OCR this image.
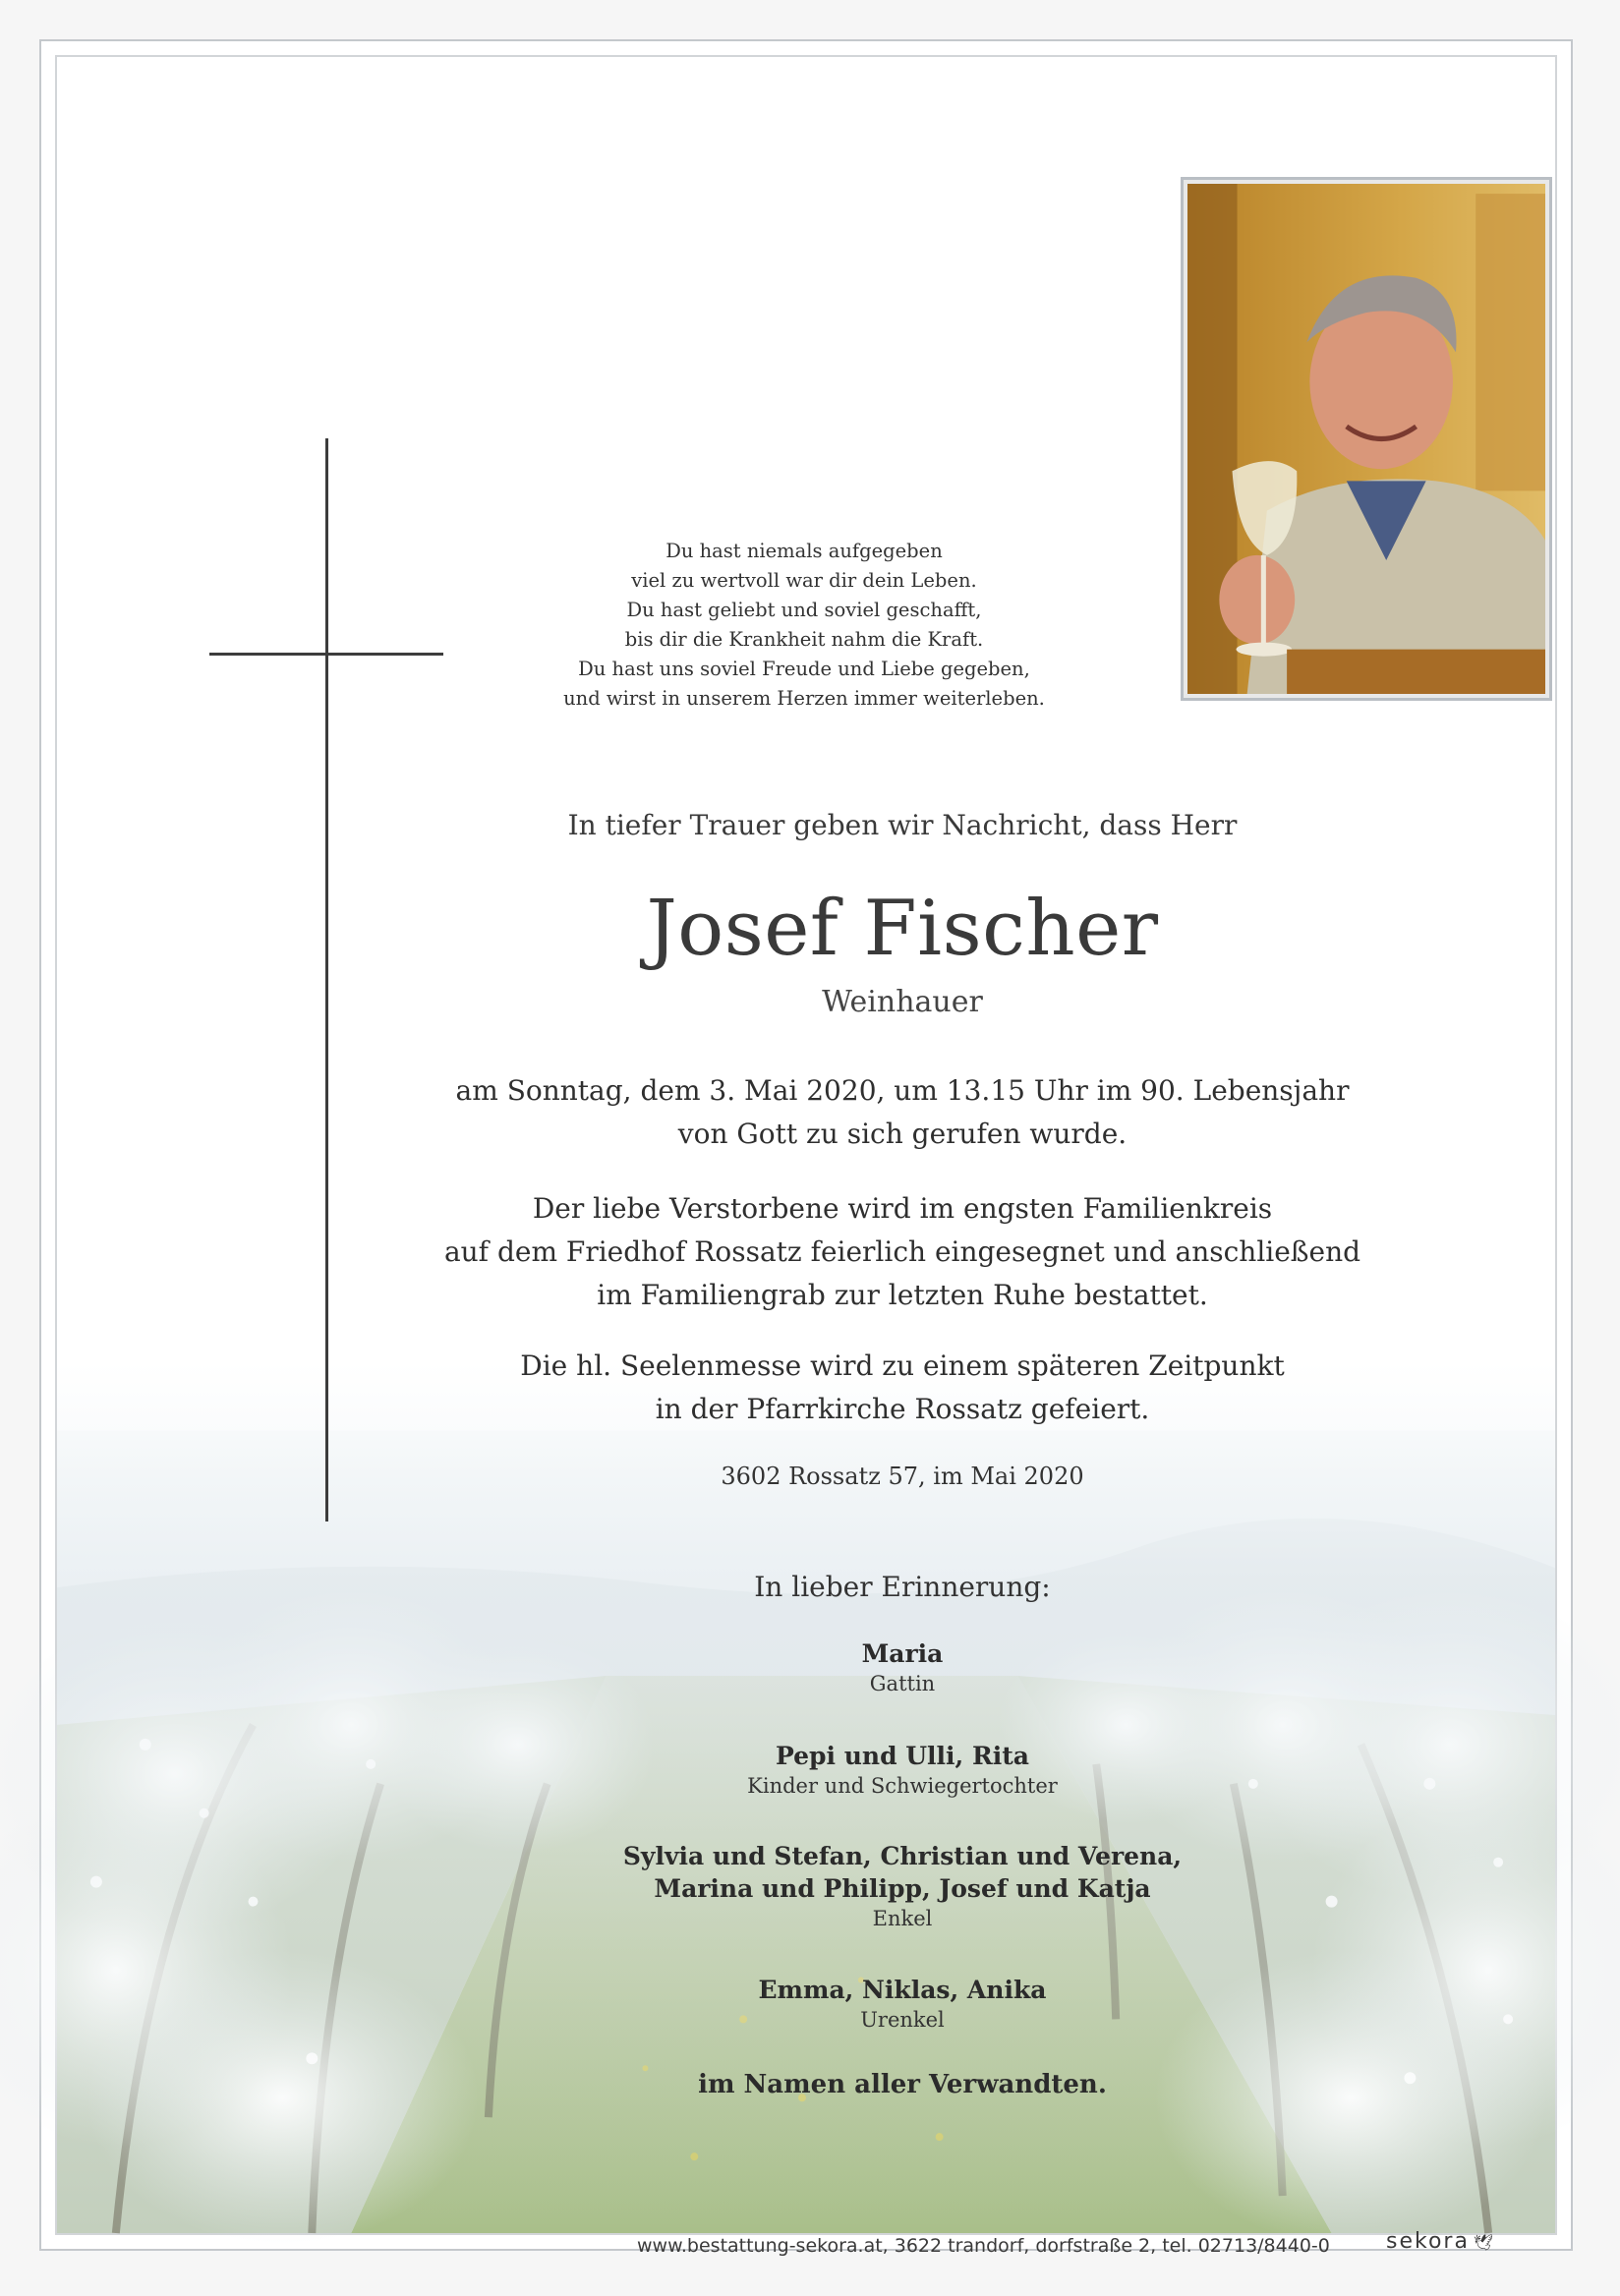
Du hast niemals aufgegeben
viel zu wertvoll war dir dein Leben.
Du hast geliebt und soviel geschafft,
bis dir die Krankheit nahm die Kraft.
Du hast uns soviel Freude und Liebe gegeben,
und wirst in unserem Herzen immer weiterleben.
In tiefer Trauer geben wir Nachricht, dass Herr
Josef Fischer
Weinhauer
am Sonntag, dem 3. Mai 2020, um 13.15 Uhr im 90. Lebensjahr
von Gott zu sich gerufen wurde.
Der liebe Verstorbene wird im engsten Familienkreis
auf dem Friedhof Rossatz feierlich eingesegnet und anschließend
im Familiengrab zur letzten Ruhe bestattet.
Die hl. Seelenmesse wird zu einem späteren Zeitpunkt
in der Pfarrkirche Rossatz gefeiert.
3602 Rossatz 57, im Mai 2020
In lieber Erinnerung:
Maria
Gattin
Pepi und Ulli, Rita
Kinder und Schwiegertochter
Sylvia und Stefan, Christian und Verena,
Marina und Philipp, Josef und Katja
Enkel
Emma, Niklas, Anika
Urenkel
im Namen aller Verwandten.
www.bestattung-sekora.at, 3622 trandorf, dorfstraße 2, tel. 02713/8440-0	sekora 🕊
